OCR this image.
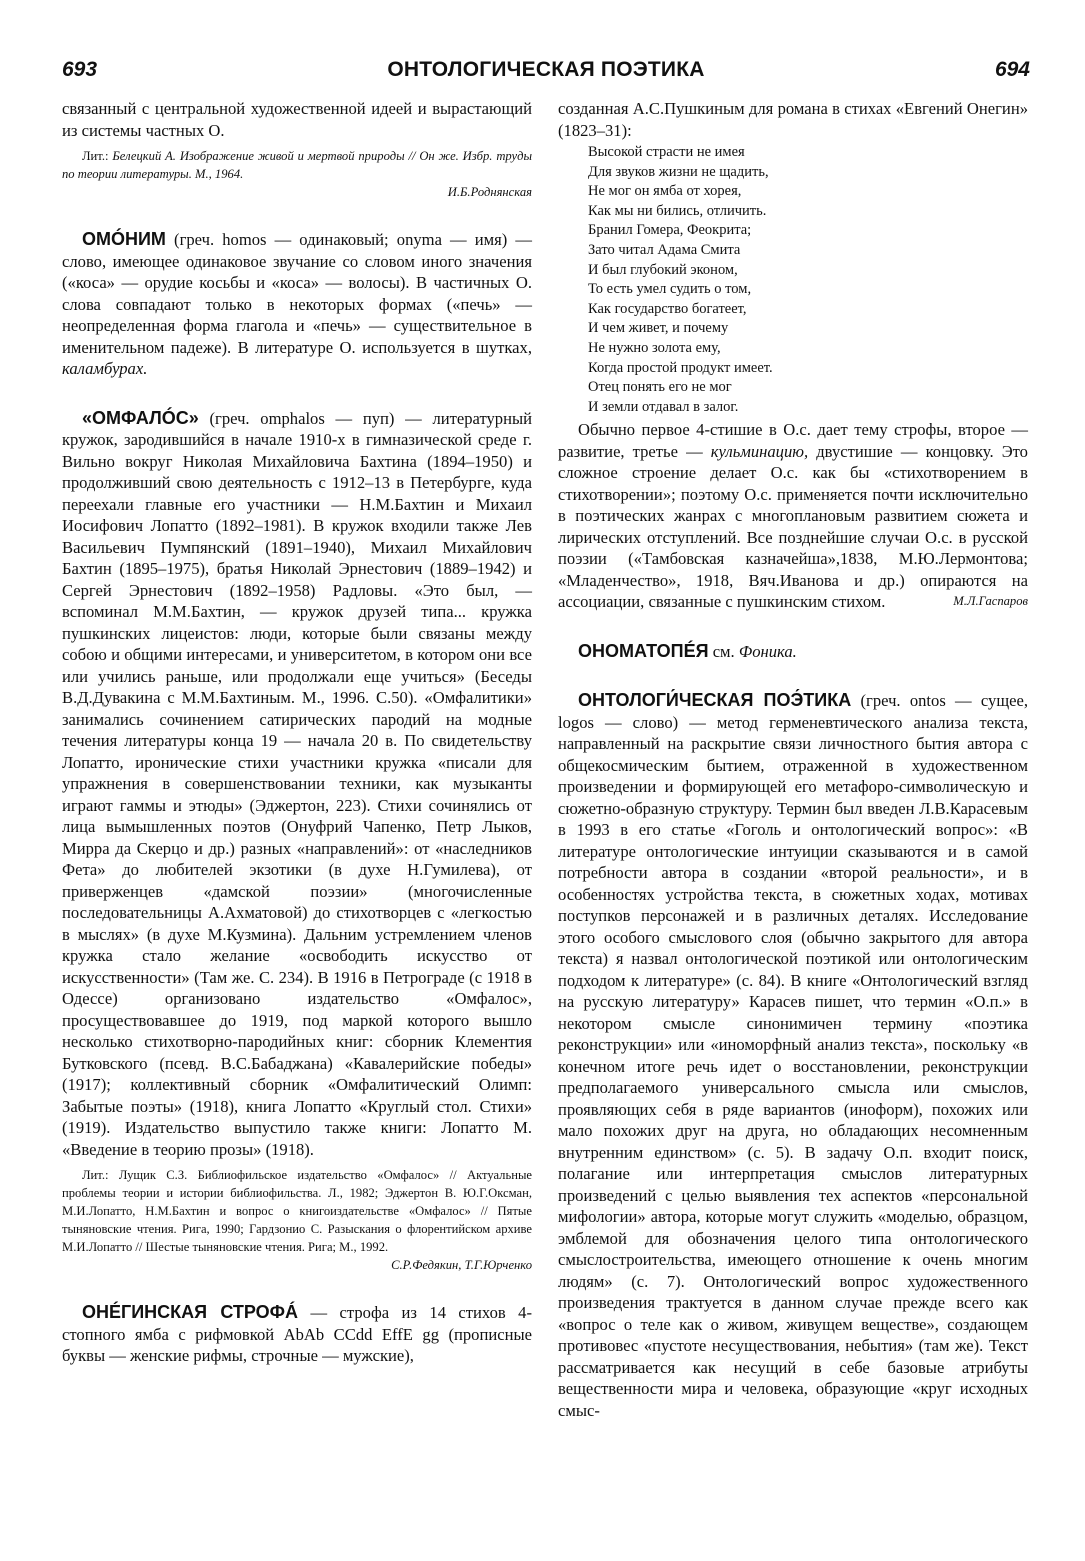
ОНТОЛОГИЧЕСКАЯ ПОЭТИКА
693	694

связанный с центральной художественной идеей и вырастающий из системы частных О.

Лит.: Белецкий А. Изображение живой и мертвой природы // Он же. Избр. труды по теории литературы. М., 1964.

И.Б.Роднянская

ОМÓНИМ (греч. homos — одинаковый; onyma — имя) — слово, имеющее одинаковое звучание со словом иного значения («коса» — орудие косьбы и «коса» — волосы). В частичных О. слова совпадают только в некоторых формах («печь» — неопределенная форма глагола и «печь» — существительное в именительном падеже). В литературе О. используется в шутках, каламбурах.

«ОМФАЛÓС» (греч. omphalos — пуп) — литературный кружок, зародившийся в начале 1910-х в гимназической среде г. Вильно вокруг Николая Михайловича Бахтина (1894–1950) и продолживший свою деятельность с 1912–13 в Петербурге, куда переехали главные его участники — Н.М.Бахтин и Михаил Иосифович Лопатто (1892–1981). В кружок входили также Лев Васильевич Пумпянский (1891–1940), Михаил Михайлович Бахтин (1895–1975), братья Николай Эрнестович (1889–1942) и Сергей Эрнестович (1892–1958) Радловы. «Это был, — вспоминал М.М.Бахтин, — кружок друзей типа... кружка пушкинских лицеистов: люди, которые были связаны между собою и общими интересами, и университетом, в котором они все или учились раньше, или продолжали еще учиться» (Беседы В.Д.Дувакина с М.М.Бахтиным. М., 1996. С.50). «Омфалитики» занимались сочинением сатирических пародий на модные течения литературы конца 19 — начала 20 в. По свидетельству Лопатто, иронические стихи участники кружка «писали для упражнения в совершенствовании техники, как музыканты играют гаммы и этюды» (Эджертон, 223). Стихи сочинялись от лица вымышленных поэтов (Онуфрий Чапенко, Петр Лыков, Мирра да Скерцо и др.) разных «направлений»: от «наследников Фета» до любителей экзотики (в духе Н.Гумилева), от приверженцев «дамской поэзии» (многочисленные последовательницы А.Ахматовой) до стихотворцев с «легкостью в мыслях» (в духе М.Кузмина). Дальним устремлением членов кружка стало желание «освободить искусство от искусственности» (Там же. С. 234). В 1916 в Петрограде (с 1918 в Одессе) организовано издательство «Омфалос», просуществовавшее до 1919, под маркой которого вышло несколько стихотворно-пародийных книг: сборник Клементия Бутковского (псевд. В.С.Бабаджана) «Кавалерийские победы» (1917); коллективный сборник «Омфалитический Олимп: Забытые поэты» (1918), книга Лопатто «Круглый стол. Стихи» (1919). Издательство выпустило также книги: Лопатто М. «Введение в теорию прозы» (1918).

Лит.: Лущик С.З. Библиофильское издательство «Омфалос» // Актуальные проблемы теории и истории библиофильства. Л., 1982; Эджертон В. Ю.Г.Оксман, М.И.Лопатто, Н.М.Бахтин и вопрос о книгоиздательстве «Омфалос» // Пятые тыняновские чтения. Рига, 1990; Гардзонио С. Разыскания о флорентийском архиве М.И.Лопатто // Шестые тыняновские чтения. Рига; М., 1992.

С.Р.Федякин, Т.Г.Юрченко

ОНÉГИНСКАЯ СТРОФÁ — строфа из 14 стихов 4-стопного ямба с рифмовкой AbAb CCdd EffE gg (прописные буквы — женские рифмы, строчные — мужские),

созданная А.С.Пушкиным для романа в стихах «Евгений Онегин» (1823–31):

Высокой страсти не имея
Для звуков жизни не щадить,
Не мог он ямба от хорея,
Как мы ни бились, отличить.
Бранил Гомера, Феокрита;
Зато читал Адама Смита
И был глубокий эконом,
То есть умел судить о том,
Как государство богатеет,
И чем живет, и почему
Не нужно золота ему,
Когда простой продукт имеет.
Отец понять его не мог
И земли отдавал в залог.

Обычно первое 4-стишие в О.с. дает тему строфы, второе — развитие, третье — кульминацию, двустишие — концовку. Это сложное строение делает О.с. как бы «стихотворением в стихотворении»; поэтому О.с. применяется почти исключительно в поэтических жанрах с многоплановым развитием сюжета и лирических отступлений. Все позднейшие случаи О.с. в русской поэзии («Тамбовская казначейша»,1838, М.Ю.Лермонтова; «Младенчество», 1918, Вяч.Иванова и др.) опираются на ассоциации, связанные с пушкинским стихом.	М.Л.Гаспаров

ОНОМАТОПÉЯ см. Фоника.

ОНТОЛОГИ́ЧЕСКАЯ ПОЭ́ТИКА (греч. ontos — сущее, logos — слово) — метод герменевтического анализа текста, направленный на раскрытие связи личностного бытия автора с общекосмическим бытием, отраженной в художественном произведении и формирующей его метафоро-символическую и сюжетно-образную структуру. Термин был введен Л.В.Карасевым в 1993 в его статье «Гоголь и онтологический вопрос»: «В литературе онтологические интуиции сказываются и в самой потребности автора в создании «второй реальности», и в особенностях устройства текста, в сюжетных ходах, мотивах поступков персонажей и в различных деталях. Исследование этого особого смыслового слоя (обычно закрытого для автора текста) я назвал онтологической поэтикой или онтологическим подходом к литературе» (с. 84). В книге «Онтологический взгляд на русскую литературу» Карасев пишет, что термин «О.п.» в некотором смысле синонимичен термину «поэтика реконструкции» или «иноморфный анализ текста», поскольку «в конечном итоге речь идет о восстановлении, реконструкции предполагаемого универсального смысла или смыслов, проявляющих себя в ряде вариантов (иноформ), похожих или мало похожих друг на друга, но обладающих несомненным внутренним единством» (с. 5). В задачу О.п. входит поиск, полагание или интерпретация смыслов литературных произведений с целью выявления тех аспектов «персональной мифологии» автора, которые могут служить «моделью, образцом, эмблемой для обозначения целого типа онтологического смыслостроительства, имеющего отношение к очень многим людям» (с. 7). Онтологический вопрос художественного произведения трактуется в данном случае прежде всего как «вопрос о теле как о живом, живущем веществе», создающем противовес «пустоте несуществования, небытия» (там же). Текст рассматривается как несущий в себе базовые атрибуты вещественности мира и человека, образующие «круг исходных смыс-
